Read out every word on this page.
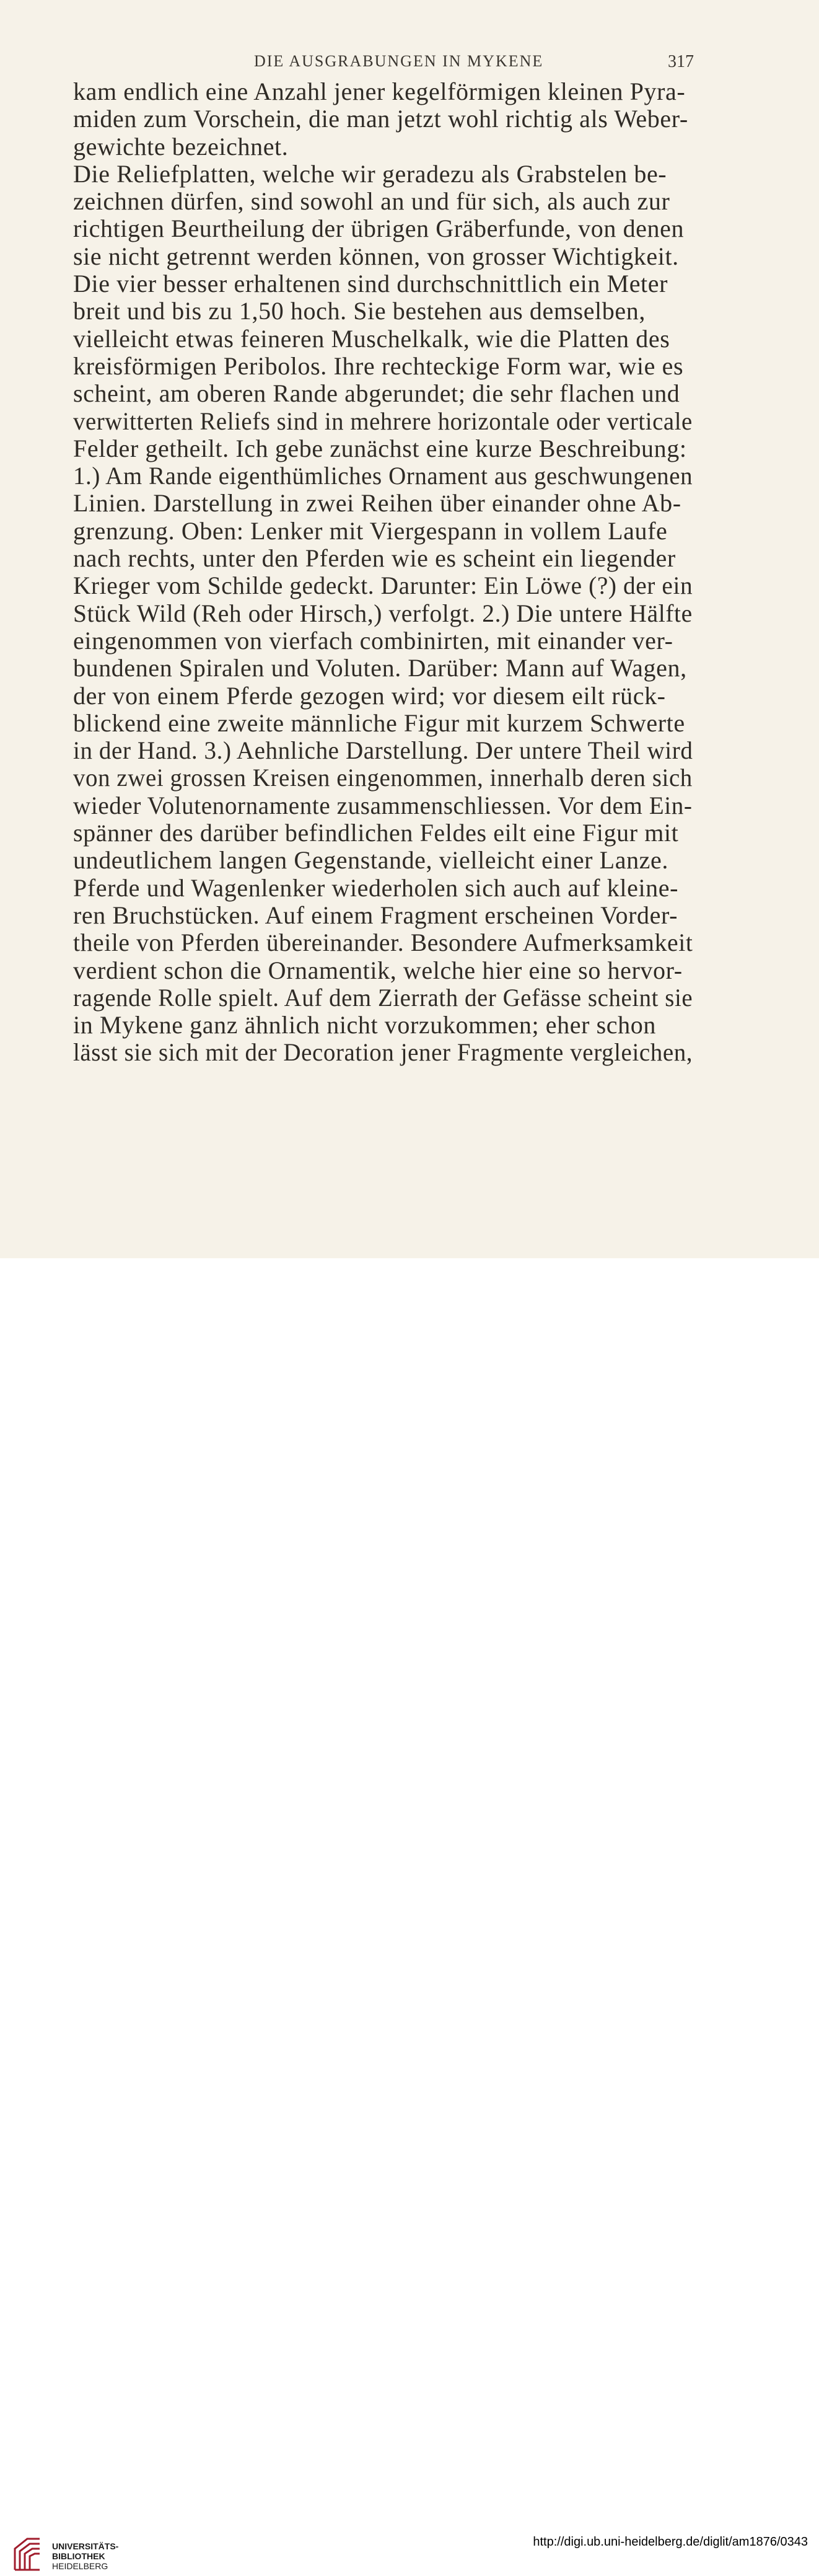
DIE AUSGRABUNGEN IN MYKENE	317
kam endlich eine Anzahl jener kegelförmigen kleinen Pyra-
miden zum Vorschein, die man jetzt wohl richtig als Weber-
gewichte bezeichnet.
Die Reliefplatten, welche wir geradezu als Grabstelen be-
zeichnen dürfen, sind sowohl an und für sich, als auch zur
richtigen Beurtheilung der übrigen Gräberfunde, von denen
sie nicht getrennt werden können, von grosser Wichtigkeit.
Die vier besser erhaltenen sind durchschnittlich ein Meter
breit und bis zu 1,50 hoch. Sie bestehen aus demselben,
vielleicht etwas feineren Muschelkalk, wie die Platten des
kreisförmigen Peribolos. Ihre rechteckige Form war, wie es
scheint, am oberen Rande abgerundet; die sehr flachen und
verwitterten Reliefs sind in mehrere horizontale oder verticale
Felder getheilt. Ich gebe zunächst eine kurze Beschreibung:
1.) Am Rande eigenthümliches Ornament aus geschwungenen
Linien. Darstellung in zwei Reihen über einander ohne Ab-
grenzung. Oben: Lenker mit Viergespann in vollem Laufe
nach rechts, unter den Pferden wie es scheint ein liegender
Krieger vom Schilde gedeckt. Darunter: Ein Löwe (?) der ein
Stück Wild (Reh oder Hirsch,) verfolgt. 2.) Die untere Hälfte
eingenommen von vierfach combinirten, mit einander ver-
bundenen Spiralen und Voluten. Darüber: Mann auf Wagen,
der von einem Pferde gezogen wird; vor diesem eilt rück-
blickend eine zweite männliche Figur mit kurzem Schwerte
in der Hand. 3.) Aehnliche Darstellung. Der untere Theil wird
von zwei grossen Kreisen eingenommen, innerhalb deren sich
wieder Volutenornamente zusammenschliessen. Vor dem Ein-
spänner des darüber befindlichen Feldes eilt eine Figur mit
undeutlichem langen Gegenstande, vielleicht einer Lanze.
Pferde und Wagenlenker wiederholen sich auch auf kleine-
ren Bruchstücken. Auf einem Fragment erscheinen Vorder-
theile von Pferden übereinander. Besondere Aufmerksamkeit
verdient schon die Ornamentik, welche hier eine so hervor-
ragende Rolle spielt. Auf dem Zierrath der Gefässe scheint sie
in Mykene ganz ähnlich nicht vorzukommen; eher schon
lässt sie sich mit der Decoration jener Fragmente vergleichen,
UNIVERSITÄTS-
BIBLIOTHEK
HEIDELBERG
http://digi.ub.uni-heidelberg.de/diglit/am1876/0343
